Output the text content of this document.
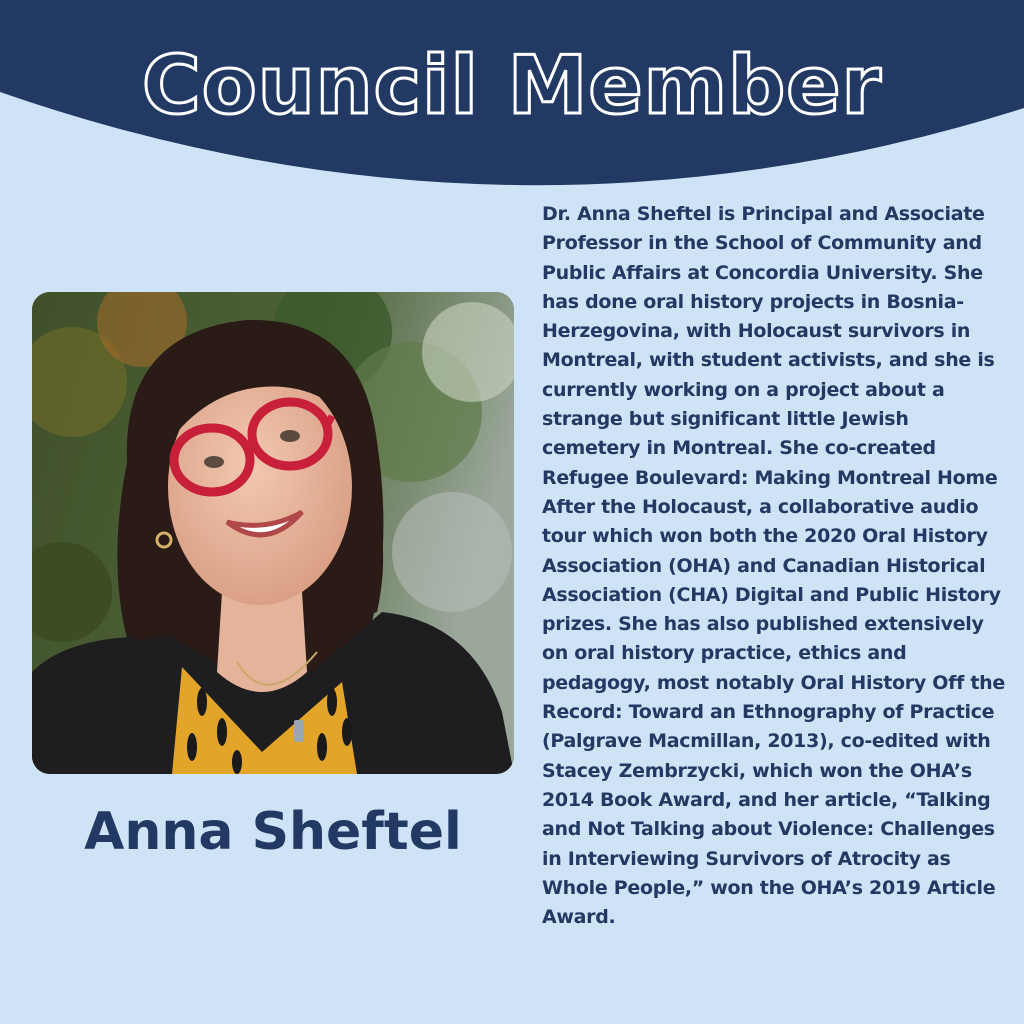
Council Member
Anna Sheftel

Dr. Anna Sheftel is Principal and Associate Professor in the School of Community and Public Affairs at Concordia University. She has done oral history projects in Bosnia-Herzegovina, with Holocaust survivors in Montreal, with student activists, and she is currently working on a project about a strange but significant little Jewish cemetery in Montreal. She co-created Refugee Boulevard: Making Montreal Home After the Holocaust, a collaborative audio tour which won both the 2020 Oral History Association (OHA) and Canadian Historical Association (CHA) Digital and Public History prizes. She has also published extensively on oral history practice, ethics and pedagogy, most notably Oral History Off the Record: Toward an Ethnography of Practice (Palgrave Macmillan, 2013), co-edited with Stacey Zembrzycki, which won the OHA’s 2014 Book Award, and her article, “Talking and Not Talking about Violence: Challenges in Interviewing Survivors of Atrocity as Whole People,” won the OHA’s 2019 Article Award.
